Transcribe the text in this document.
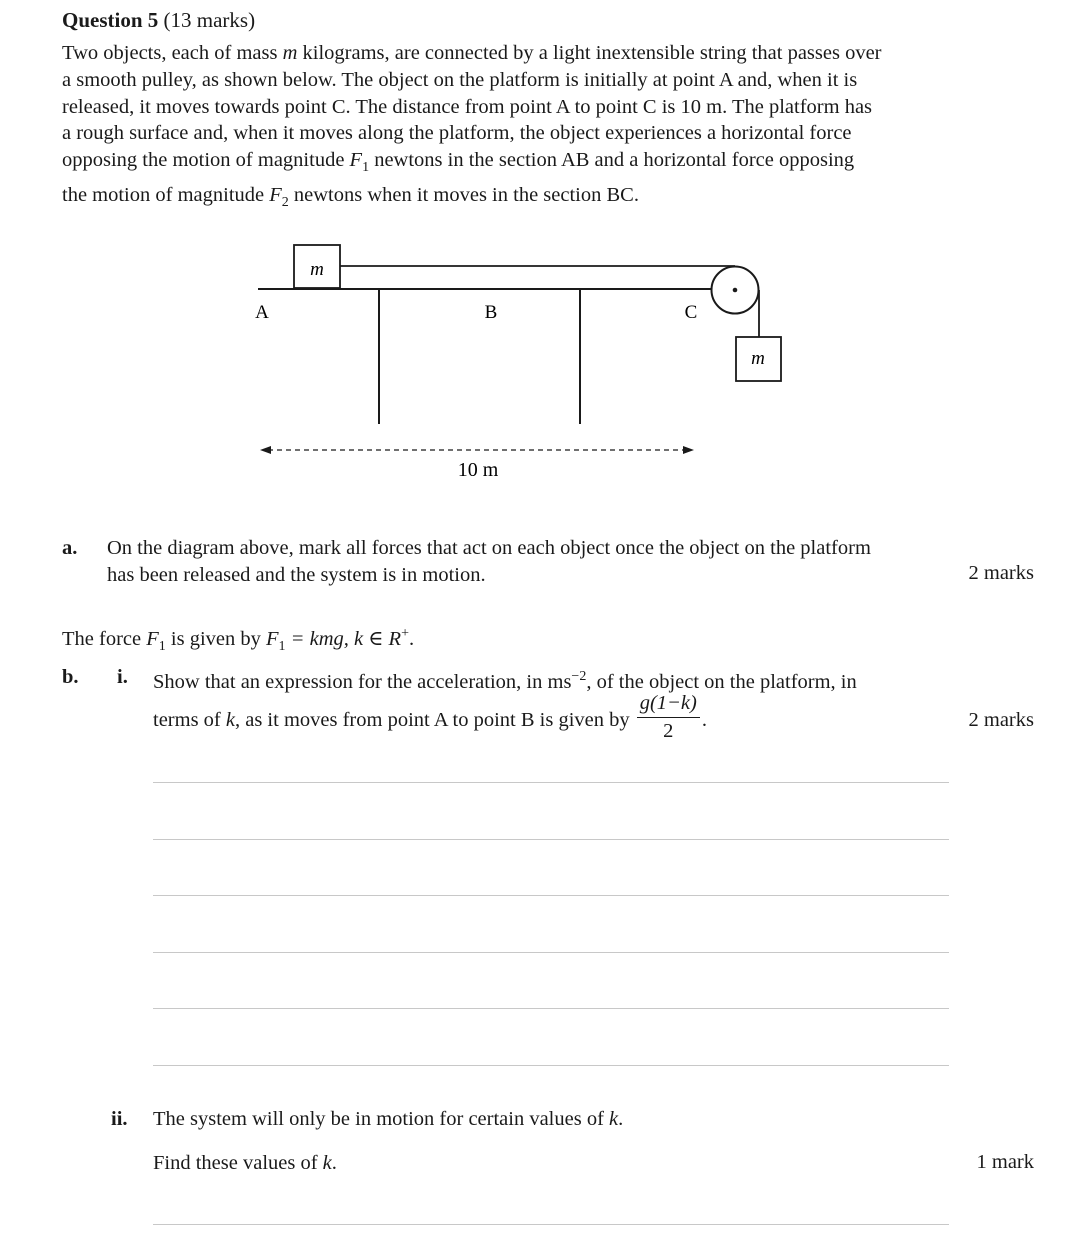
Question 5 (13 marks)

Two objects, each of mass m kilograms, are connected by a light inextensible string that passes over

a smooth pulley, as shown below. The object on the platform is initially at point A and, when it is

released, it moves towards point C. The distance from point A to point C is 10 m. The platform has

a rough surface and, when it moves along the platform, the object experiences a horizontal force

opposing the motion of magnitude $F_1$ newtons in the section AB and a horizontal force opposing

the motion of magnitude $F_2$ newtons when it moves in the section BC.

m
m
A	B	C
10 m
a. On the diagram above, mark all forces that act on each object once the object on the platform
has been released and the system is in motion.	2 marks
The force $F_1$ is given by $F_1$ = kmg, k ∈ R+.
b. i. Show that an expression for the acceleration, in $ms^{-2}$, of the object on the platform, in
terms of k, as it moves from point A to point B is given by $\frac{g(1-k)}{2}$ .	2 marks
ii. The system will only be in motion for certain values of k.
Find these values of k.	1 mark
